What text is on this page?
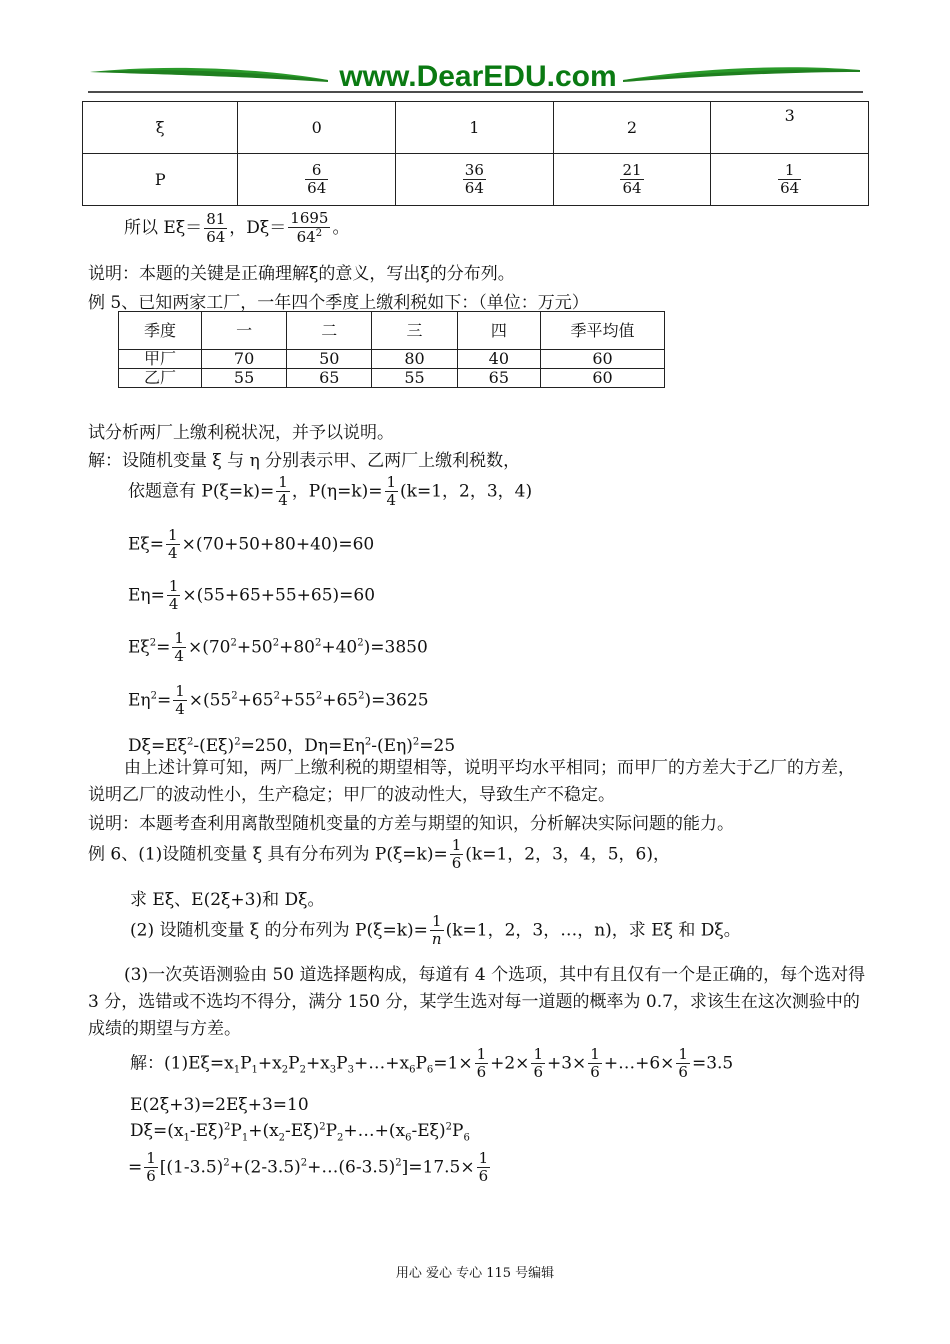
www.DearEDU.com
ξ	0	1	2	3
P	$\frac{6}{64}$	$\frac{36}{64}$	$\frac{21}{64}$	$\frac{1}{64}$
所以 $E\xi= \frac{81}{64}$ ，$D\xi= \frac{1695}{64^2}$ 。
说明：本题的关键是正确理解ξ的意义，写出ξ的分布列。
例 5、已知两家工厂，一年四个季度上缴利税如下：（单位：万元）
季度	一	二	三	四	季平均值
甲厂	70	50	80	40	60
乙厂	55	65	55	65	60
试分析两厂上缴利税状况，并予以说明。
解：设随机变量 ξ 与 η 分别表示甲、乙两厂上缴利税数，
依题意有 $P(\xi=k)= \frac{1}{4}$ ，$P(\eta=k)= \frac{1}{4} (k=1$，2，3，4)
$E\xi= \frac{1}{4} \times(70+50+80+40)=60$
$E\eta= \frac{1}{4} \times(55+65+55+65)=60$
$E\xi^2= \frac{1}{4} \times(70^2+50^2+80^2+40^2)=3850$
$E\eta^2= \frac{1}{4} \times(55^2+65^2+55^2+65^2)=3625$
$D\xi=E\xi^2-(E\xi)^2=250$，$D\eta=E\eta^2-(E\eta)^2=25$
由上述计算可知，两厂上缴利税的期望相等，说明平均水平相同；而甲厂的方差大于乙厂的方差，说明乙厂的波动性小，生产稳定；甲厂的波动性大，导致生产不稳定。
说明：本题考查利用离散型随机变量的方差与期望的知识，分析解决实际问题的能力。
例 6、(1)设随机变量 ξ 具有分布列为 $P(\xi=k)= \frac{1}{6} (k=1$，2，3，4，5，6)，
求 Eξ、E(2ξ+3)和 Dξ。
(2) 设随机变量 ξ 的分布列为 $P(\xi=k)= \frac{1}{n} (k=1$，2，3，…，n)，求 Eξ 和 Dξ。
(3)一次英语测验由 50 道选择题构成，每道有 4 个选项，其中有且仅有一个是正确的，每个选对得 3 分，选错或不选均不得分，满分 150 分，某学生选对每一道题的概率为 0.7，求该生在这次测验中的成绩的期望与方差。
解：$(1)E\xi=x_1P_1+x_2P_2+x_3P_3+\dots+x_6P_6=1\times \frac{1}{6} +2\times \frac{1}{6} +3\times \frac{1}{6}$ +…+6× $\frac{1}{6} =3.5$
E(2ξ+3)=2Eξ+3=10
$D\xi=(x_1-E\xi)^2P_1+(x_2-E\xi)^2P_2+\dots+(x_6-E\xi)^2P_6$
= $\frac{1}{6}$ $[(1-3.5)^2+(2-3.5)^2+\dots(6-3.5)^2]=17.5\times \frac{1}{6}$
用心 爱心 专心 115 号编辑
